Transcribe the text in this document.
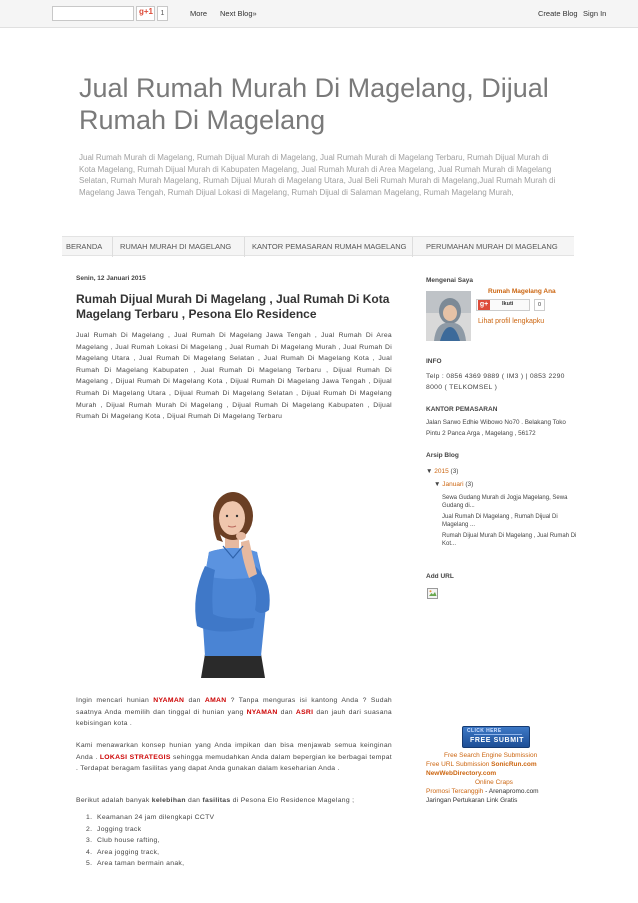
g+1	1	More Next Blog»	Create Blog Sign In
Jual Rumah Murah Di Magelang, Dijual Rumah Di Magelang

Jual Rumah Murah di Magelang, Rumah Dijual Murah di Magelang, Jual Rumah Murah di Magelang Terbaru, Rumah Dijual Murah di Kota Magelang, Rumah Dijual Murah di Kabupaten Magelang, Jual Rumah Murah di Area Magelang, Jual Rumah Murah di Magelang Selatan, Rumah Murah Magelang, Rumah Dijual Murah di Magelang Utara, Jual Beli Rumah Murah di Magelang,Jual Rumah Murah di Magelang Jawa Tengah, Rumah Dijual Lokasi di Magelang, Rumah Dijual di Salaman Magelang, Rumah Magelang Murah,

BERANDA RUMAH MURAH DI MAGELANG	KANTOR PEMASARAN RUMAH MAGELANG	PERUMAHAN MURAH DI MAGELANG
Senin, 12 Januari 2015
Rumah Dijual Murah Di Magelang , Jual Rumah Di Kota Magelang Terbaru , Pesona Elo Residence

Jual Rumah Di Magelang , Jual Rumah Di Magelang Jawa Tengah , Jual Rumah Di Area Magelang , Jual Rumah Lokasi Di Magelang , Jual Rumah Di Magelang Murah , Jual Rumah Di Magelang Utara , Jual Rumah Di Magelang Selatan , Jual Rumah Di Magelang Kota , Jual Rumah Di Magelang Kabupaten , Jual Rumah Di Magelang Terbaru , Dijual Rumah Di Magelang , Dijual Rumah Di Magelang Kota , Dijual Rumah Di Magelang Jawa Tengah , Dijual Rumah Di Magelang Utara , Dijual Rumah Di Magelang Selatan , Dijual Rumah Di Magelang Murah , Dijual Rumah Murah Di Magelang , Dijual Rumah Di Magelang Kabupaten , Dijual Rumah Di Magelang Kota , Dijual Rumah Di Magelang Terbaru

Ingin mencari hunian NYAMAN dan AMAN ? Tanpa menguras isi kantong Anda ? Sudah saatnya Anda memilih dan tinggal di hunian yang NYAMAN dan ASRI dan jauh dari suasana kebisingan kota .

Kami menawarkan konsep hunian yang Anda impikan dan bisa menjawab semua keinginan Anda . LOKASI STRATEGIS sehingga memudahkan Anda dalam bepergian ke berbagai tempat . Terdapat beragam fasilitas yang dapat Anda gunakan dalam keseharian Anda .

Berikut adalah banyak kelebihan dan fasilitas di Pesona Elo Residence Magelang ;

1. Keamanan 24 jam dilengkapi CCTV
2. Jogging track
3. Club house rafting,
4. Area jogging track,
5. Area taman bermain anak,
Mengenai Saya
Rumah Magelang Ana
g+	Ikuti	0
Lihat profil lengkapku
INFO

Telp : 0856 4369 9889 ( IM3 ) | 0853 2290 8000 ( TELKOMSEL )

KANTOR PEMASARAN

Jalan Sarwo Edhie Wibowo No70 . Belakang Toko Pintu 2 Panca Arga , Magelang , 56172

Arsip Blog
▼ 2015 (3)
▼ Januari (3)
Sewa Gudang Murah di Jogja Magelang, Sewa Gudang di...
Jual Rumah Di Magelang , Rumah Dijual Di Magelang ...
Rumah Dijual Murah Di Magelang , Jual Rumah Di Kot...
Add URL
CLICK HERE
FREE SUBMIT
Free Search Engine Submission
Free URL Submission SonicRun.com
NewWebDirectory.com
Online Craps
Promosi Tercanggih - Arenapromo.com
Jaringan Pertukaran Link Gratis
